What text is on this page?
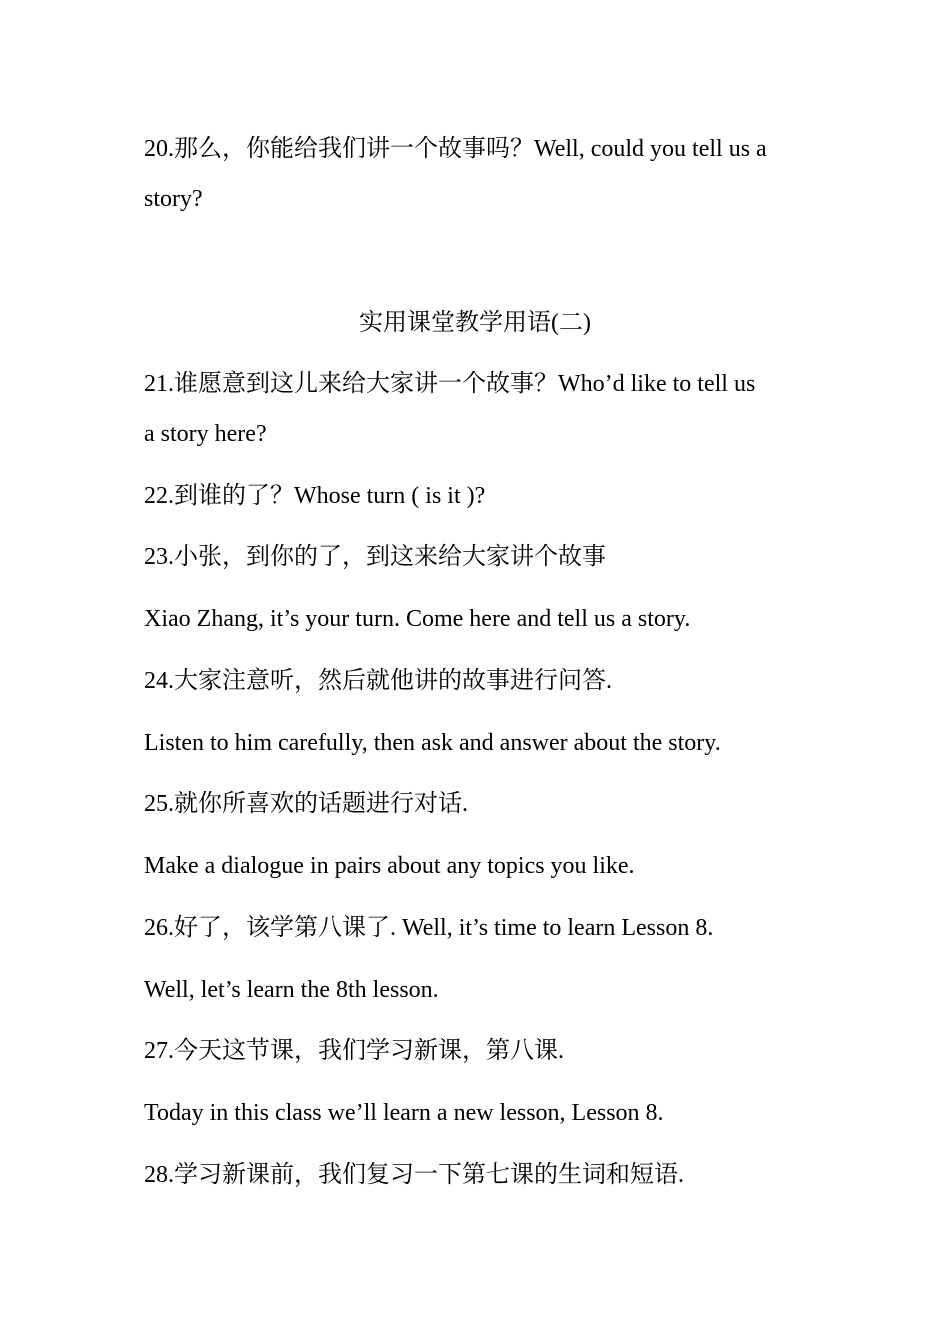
20.那么，你能给我们讲一个故事吗？Well, could you tell us a
story?
实用课堂教学用语(二)
21.谁愿意到这儿来给大家讲一个故事？Who’d like to tell us
a story here?
22.到谁的了？Whose turn ( is it )?
23.小张，到你的了，到这来给大家讲个故事
Xiao Zhang, it’s your turn. Come here and tell us a story.
24.大家注意听，然后就他讲的故事进行问答.
Listen to him carefully, then ask and answer about the story.
25.就你所喜欢的话题进行对话.
Make a dialogue in pairs about any topics you like.
26.好了，该学第八课了. Well, it’s time to learn Lesson 8.
Well, let’s learn the 8th lesson.
27.今天这节课，我们学习新课，第八课.
Today in this class we’ll learn a new lesson, Lesson 8.
28.学习新课前，我们复习一下第七课的生词和短语.
